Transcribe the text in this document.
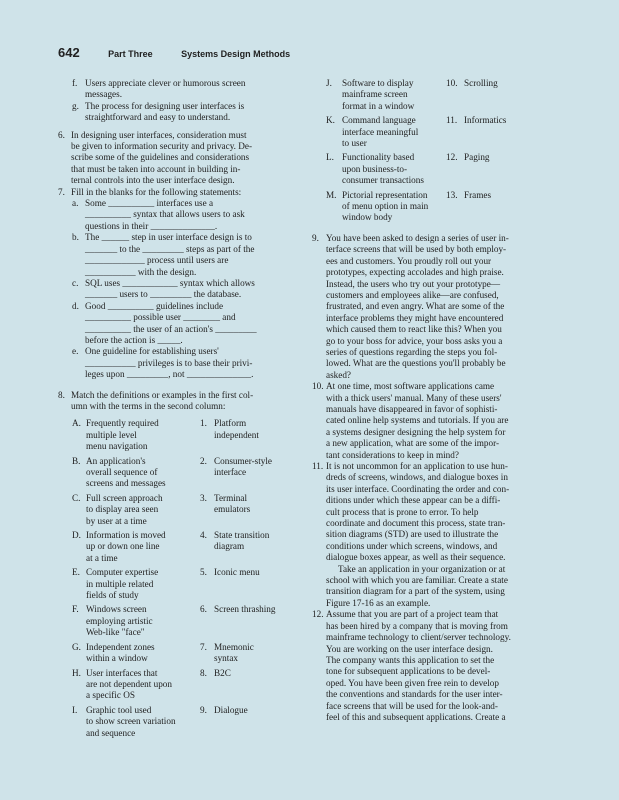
642	Part Three	Systems Design Methods
f. Users appreciate clever or humorous screen
messages.
g. The process for designing user interfaces is
straightforward and easy to understand.
6. In designing user interfaces, consideration must
be given to information security and privacy. De-
scribe some of the guidelines and considerations
that must be taken into account in building in-
ternal controls into the user interface design.
7. Fill in the blanks for the following statements:
a. Some __________ interfaces use a
__________ syntax that allows users to ask
questions in their ______________.
b. The ______ step in user interface design is to
_______ to the _________ steps as part of the
_____________ process until users are
___________ with the design.
c. SQL uses ____________ syntax which allows
_______ users to _________ the database.
d. Good __________ guidelines include
__________ possible user ________ and
__________ the user of an action's _________
before the action is _____.
e. One guideline for establishing users'
___________ privileges is to base their privi-
leges upon _________, not ______________.
8. Match the definitions or examples in the first col-
umn with the terms in the second column:
A. Frequently required
multiple level
menu navigation
1. Platform
independent
B. An application's
overall sequence of
screens and messages
2. Consumer-style
interface
C. Full screen approach
to display area seen
by user at a time
3. Terminal
emulators
D. Information is moved
up or down one line
at a time
4. State transition
diagram
E. Computer expertise
in multiple related
fields of study
5. Iconic menu
F. Windows screen
employing artistic
Web-like "face"
6. Screen thrashing
G. Independent zones
within a window
7. Mnemonic
syntax
H. User interfaces that
are not dependent upon
a specific OS
8. B2C
I. Graphic tool used
to show screen variation
and sequence
9. Dialogue
J.	Software to display
mainframe screen
format in a window
10. Scrolling
K. Command language
interface meaningful
to user
11. Informatics
L. Functionality based
upon business-to-
consumer transactions
12. Paging
M. Pictorial representation
of menu option in main
window body
13. Frames
9. You have been asked to design a series of user in-
terface screens that will be used by both employ-
ees and customers. You proudly roll out your
prototypes, expecting accolades and high praise.
Instead, the users who try out your prototype—
customers and employees alike—are confused,
frustrated, and even angry. What are some of the
interface problems they might have encountered
which caused them to react like this? When you
go to your boss for advice, your boss asks you a
series of questions regarding the steps you fol-
lowed. What are the questions you'll probably be
asked?
10. At one time, most software applications came
with a thick users' manual. Many of these users'
manuals have disappeared in favor of sophisti-
cated online help systems and tutorials. If you are
a systems designer designing the help system for
a new application, what are some of the impor-
tant considerations to keep in mind?
11. It is not uncommon for an application to use hun-
dreds of screens, windows, and dialogue boxes in
its user interface. Coordinating the order and con-
ditions under which these appear can be a diffi-
cult process that is prone to error. To help
coordinate and document this process, state tran-
sition diagrams (STD) are used to illustrate the
conditions under which screens, windows, and
dialogue boxes appear, as well as their sequence.
Take an application in your organization or at
school with which you are familiar. Create a state
transition diagram for a part of the system, using
Figure 17-16 as an example.
12. Assume that you are part of a project team that
has been hired by a company that is moving from
mainframe technology to client/server technology.
You are working on the user interface design.
The company wants this application to set the
tone for subsequent applications to be devel-
oped. You have been given free rein to develop
the conventions and standards for the user inter-
face screens that will be used for the look-and-
feel of this and subsequent applications. Create a
